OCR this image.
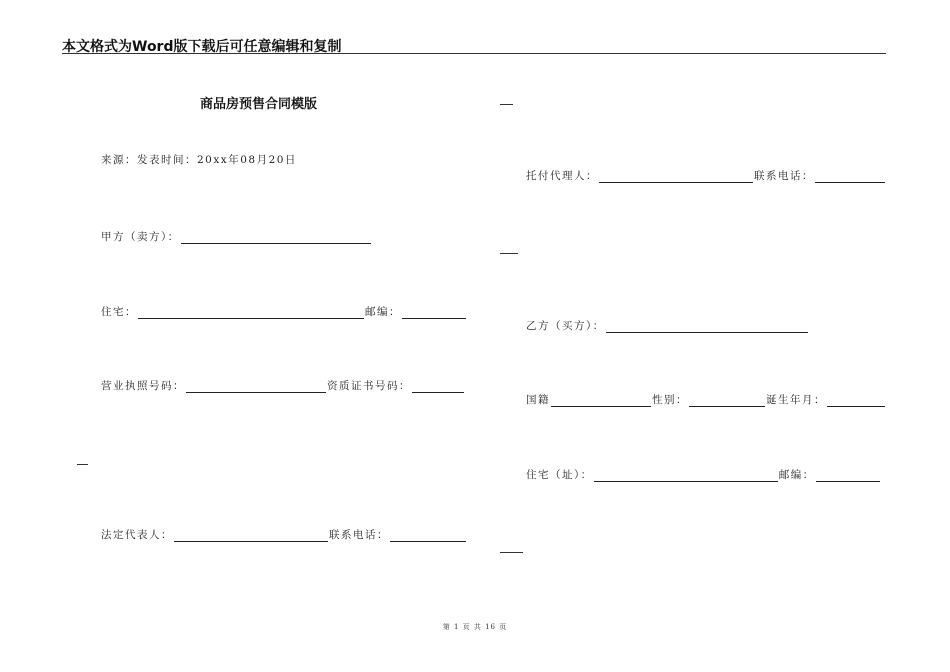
本文格式为Word版下载后可任意编辑和复制
商品房预售合同模版
来源：发表时间：20xx年08月20日
甲方（卖方）：
住宅：	邮编：
营业执照号码：	资质证书号码：
法定代表人：	联系电话：
托付代理人：	联系电话：
乙方（买方）：
国籍	性别：	诞生年月：
住宅（址）：	邮编：
第 1 页 共 16 页
